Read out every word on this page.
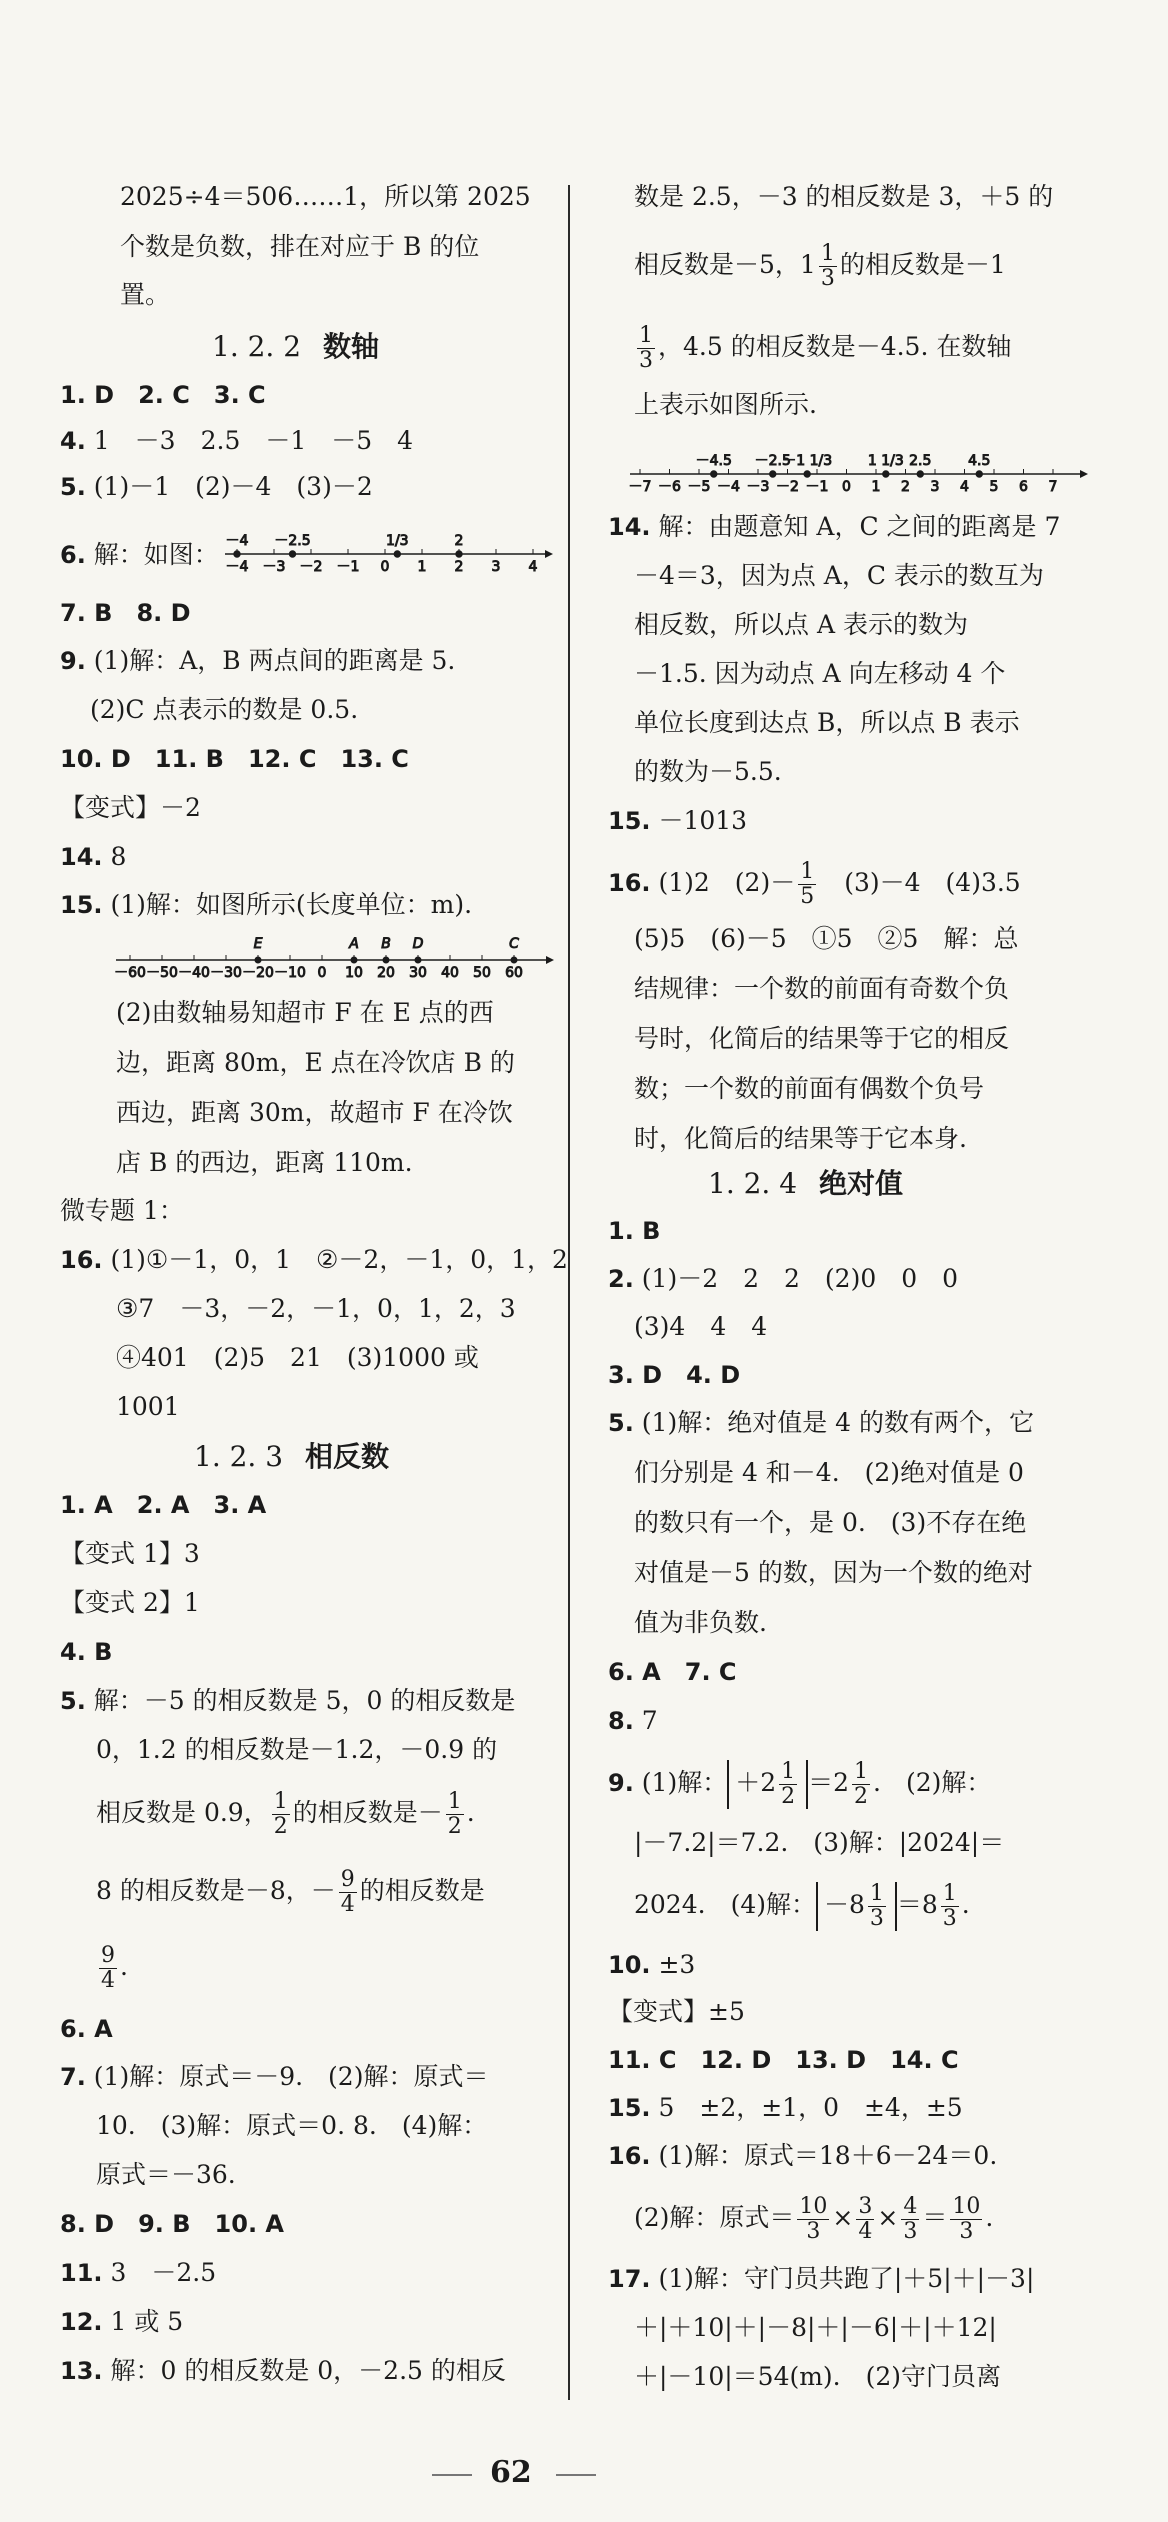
2025÷4＝506……1，所以第 2025
个数是负数，排在对应于 B 的位
置。
1. 2. 2 数轴
1. D　2. C　3. C
4. 1　－3　2.5　－1　－5　4
5. (1)－1　(2)－4　(3)－2
6. 解：如图： －4 －3 －2 －1 0 1 2 3 4
－4 －2.5	1/3	2
7. B　8. D
9. (1)解：A，B 两点间的距离是 5.
(2)C 点表示的数是 0.5.
10. D　11. B　12. C　13. C
【变式】－2
14. 8
15. (1)解：如图所示(长度单位：m).
－60 －50 －40 －30 －20 －10 0 10 20 30 40 50 60
E	A B D	C
(2)由数轴易知超市 F 在 E 点的西
边，距离 80m，E 点在冷饮店 B 的
西边，距离 30m，故超市 F 在冷饮
店 B 的西边，距离 110m.
微专题 1：
16. (1)①－1，0，1　②－2，－1，0，1，2
③7　－3，－2，－1，0，1，2，3
④401　(2)5　21　(3)1000 或
1001
1. 2. 3 相反数
1. A　2. A　3. A
【变式 1】3
【变式 2】1
4. B
5. 解：－5 的相反数是 5，0 的相反数是
0，1.2 的相反数是－1.2，－0.9 的
相反数是 0.9， $\frac{1}{2}$ 的相反数是－ $\frac{1}{2}$ .
8 的相反数是－8，－ $\frac{9}{4}$ 的相反数是
$\frac{9}{4}$ .
6. A
7. (1)解：原式＝－9.　(2)解：原式＝
10.　(3)解：原式＝0. 8.　(4)解：
原式＝－36.
8. D　9. B　10. A
11. 3　－2.5
12. 1 或 5
13. 解：0 的相反数是 0，－2.5 的相反
数是 2.5，－3 的相反数是 3，＋5 的
相反数是－5，$1 \frac{1}{3}$ 的相反数是－1
$\frac{1}{3}$ ，4.5 的相反数是－4.5. 在数轴
上表示如图所示.
－7 －6 －5 －4 －3 －2 －1 0 1 2 3 4 5 6 7
－4.5 －2.5
－1 1/3	1 1/3 2.5	4.5
14. 解：由题意知 A，C 之间的距离是 7
－4＝3，因为点 A，C 表示的数互为
相反数，所以点 A 表示的数为
－1.5. 因为动点 A 向左移动 4 个
单位长度到达点 B，所以点 B 表示
的数为－5.5.
15. －1013
16. (1)2　$(2)- \frac{1}{5}$
　 (3)－4　(4)3.5
(5)5　(6)－5　①5　②5　解：总
结规律：一个数的前面有奇数个负
号时，化简后的结果等于它的相反
数；一个数的前面有偶数个负号
时，化简后的结果等于它本身.
1. 2. 4 绝对值
1. B
2. (1)－2　2　2　(2)0　0　0
(3)4　4　4
3. D　4. D
5. (1)解：绝对值是 4 的数有两个，它
们分别是 4 和－4.　(2)绝对值是 0
的数只有一个，是 0.　(3)不存在绝
对值是－5 的数，因为一个数的绝对
值为非负数.
6. A　7. C
8. 7
9. (1)解： $+2 \frac{1}{2} =2 \frac{1}{2}$ .　(2)解：
|－7.2|＝7.2.　(3)解：|2024|＝
2024.　(4)解： $-8 \frac{1}{3} =8 \frac{1}{3}$ .
10. ±3
【变式】±5
11. C　12. D　13. D　14. C
15. 5　±2，±1，0　±4，±5
16. (1)解：原式＝18＋6－24＝0.
(2)解：原式＝ $\frac{10}{3} \times \frac{3}{4} \times \frac{4}{3} = \frac{10}{3}$ .
17. (1)解：守门员共跑了|＋5|＋|－3|
＋|＋10|＋|－8|＋|－6|＋|＋12|
＋|－10|＝54(m).　(2)守门员离
62
